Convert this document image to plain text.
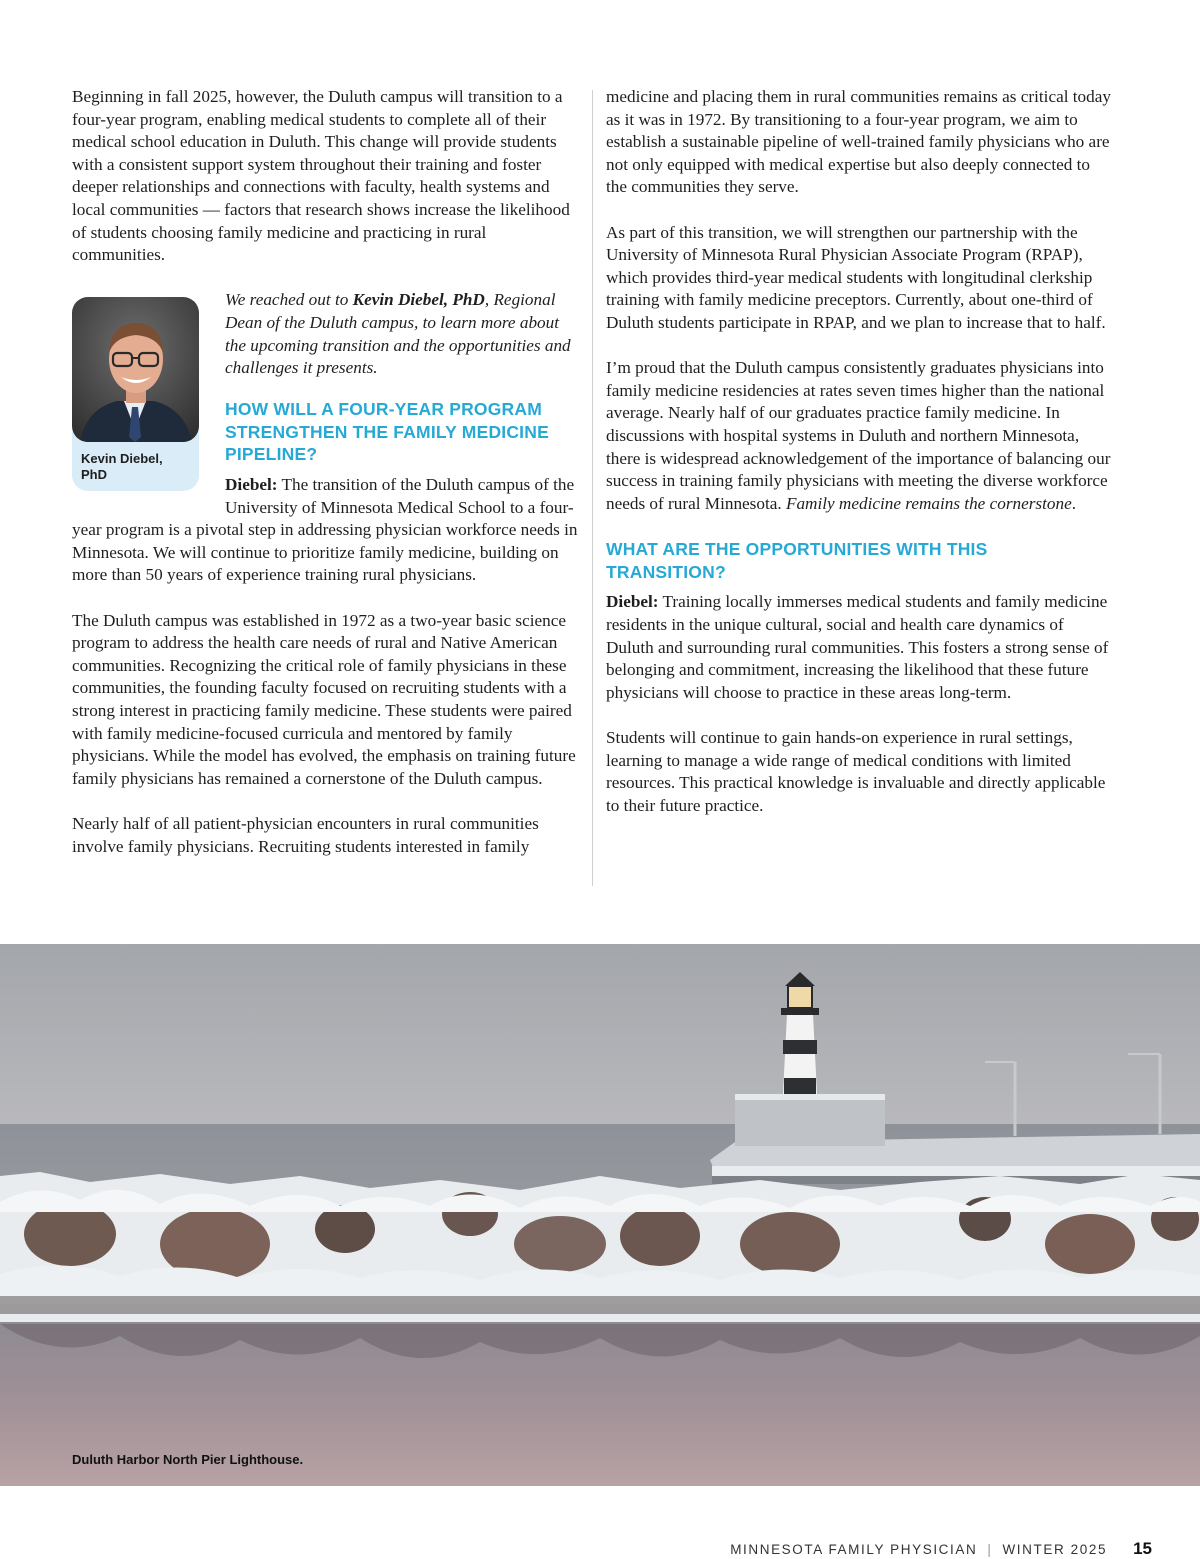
Beginning in fall 2025, however, the Duluth campus will transition to a four-year program, enabling medical students to complete all of their medical school education in Duluth. This change will provide students with a consistent support system throughout their training and foster deeper relationships and connections with faculty, health systems and local communities — factors that research shows increase the likelihood of students choosing family medicine and practicing in rural communities.

Kevin Diebel, PhD

We reached out to Kevin Diebel, PhD, Regional Dean of the Duluth campus, to learn more about the upcoming transition and the opportunities and challenges it presents.

HOW WILL A FOUR-YEAR PROGRAM STRENGTHEN THE FAMILY MEDICINE PIPELINE?

Diebel: The transition of the Duluth campus of the University of Minnesota Medical School to a four-year program is a pivotal step in addressing physician workforce needs in Minnesota. We will continue to prioritize family medicine, building on more than 50 years of experience training rural physicians.

The Duluth campus was established in 1972 as a two-year basic science program to address the health care needs of rural and Native American communities. Recognizing the critical role of family physicians in these communities, the founding faculty focused on recruiting students with a strong interest in practicing family medicine. These students were paired with family medicine-focused curricula and mentored by family physicians. While the model has evolved, the emphasis on training future family physicians has remained a cornerstone of the Duluth campus.

Nearly half of all patient-physician encounters in rural communities involve family physicians. Recruiting students interested in family

medicine and placing them in rural communities remains as critical today as it was in 1972. By transitioning to a four-year program, we aim to establish a sustainable pipeline of well-trained family physicians who are not only equipped with medical expertise but also deeply connected to the communities they serve.

As part of this transition, we will strengthen our partnership with the University of Minnesota Rural Physician Associate Program (RPAP), which provides third-year medical students with longitudinal clerkship training with family medicine preceptors. Currently, about one-third of Duluth students participate in RPAP, and we plan to increase that to half.

I’m proud that the Duluth campus consistently graduates physicians into family medicine residencies at rates seven times higher than the national average. Nearly half of our graduates practice family medicine. In discussions with hospital systems in Duluth and northern Minnesota, there is widespread acknowledgement of the importance of balancing our success in training family physicians with meeting the diverse workforce needs of rural Minnesota. Family medicine remains the cornerstone.

WHAT ARE THE OPPORTUNITIES WITH THIS TRANSITION?

Diebel: Training locally immerses medical students and family medicine residents in the unique cultural, social and health care dynamics of Duluth and surrounding rural communities. This fosters a strong sense of belonging and commitment, increasing the likelihood that these future physicians will choose to practice in these areas long-term.

Students will continue to gain hands-on experience in rural settings, learning to manage a wide range of medical conditions with limited resources. This practical knowledge is invaluable and directly applicable to their future practice.

Duluth Harbor North Pier Lighthouse.
MINNESOTA FAMILY PHYSICIAN | WINTER 2025 15
